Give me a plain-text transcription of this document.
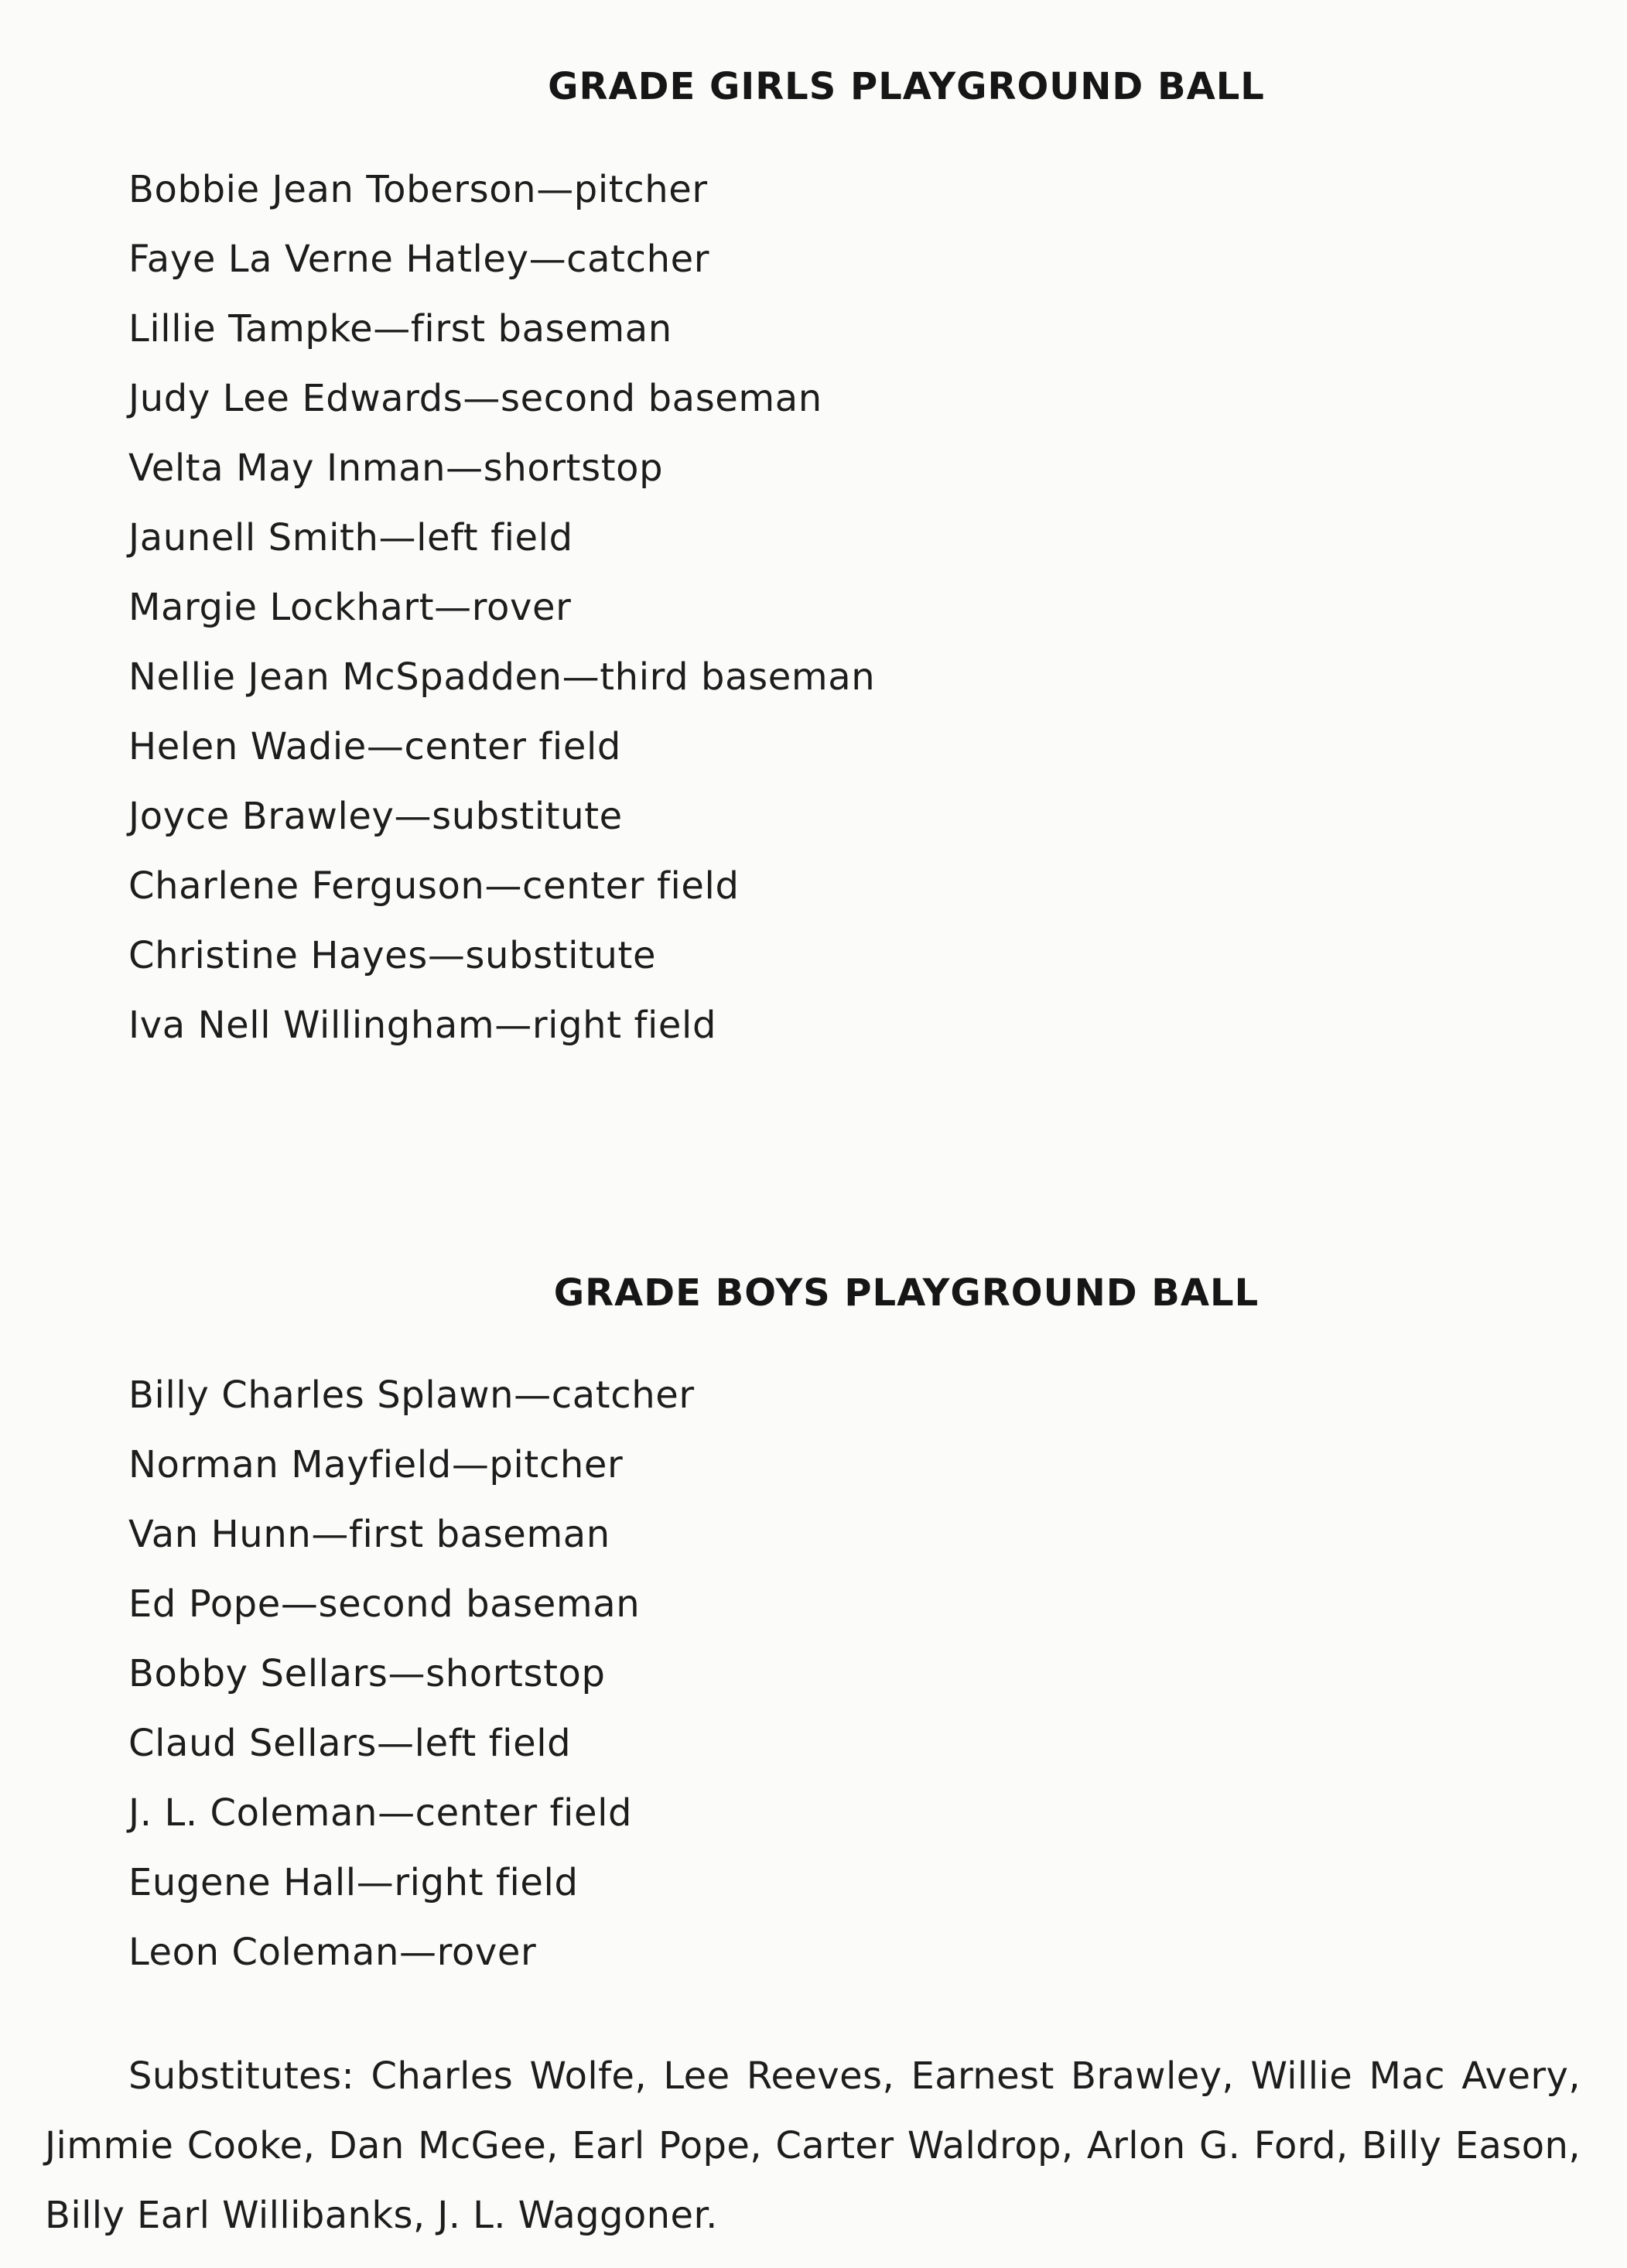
GRADE GIRLS PLAYGROUND BALL
Bobbie Jean Toberson—pitcher
Faye La Verne Hatley—catcher
Lillie Tampke—first baseman
Judy Lee Edwards—second baseman
Velta May Inman—shortstop
Jaunell Smith—left field
Margie Lockhart—rover
Nellie Jean McSpadden—third baseman
Helen Wadie—center field
Joyce Brawley—substitute
Charlene Ferguson—center field
Christine Hayes—substitute
Iva Nell Willingham—right field
GRADE BOYS PLAYGROUND BALL
Billy Charles Splawn—catcher
Norman Mayfield—pitcher
Van Hunn—first baseman
Ed Pope—second baseman
Bobby Sellars—shortstop
Claud Sellars—left field
J. L. Coleman—center field
Eugene Hall—right field
Leon Coleman—rover

Substitutes: Charles Wolfe, Lee Reeves, Earnest Brawley, Willie Mac Avery, Jimmie Cooke, Dan McGee, Earl Pope, Carter Waldrop, Arlon G. Ford, Billy Eason, Billy Earl Willibanks, J. L. Waggoner.
